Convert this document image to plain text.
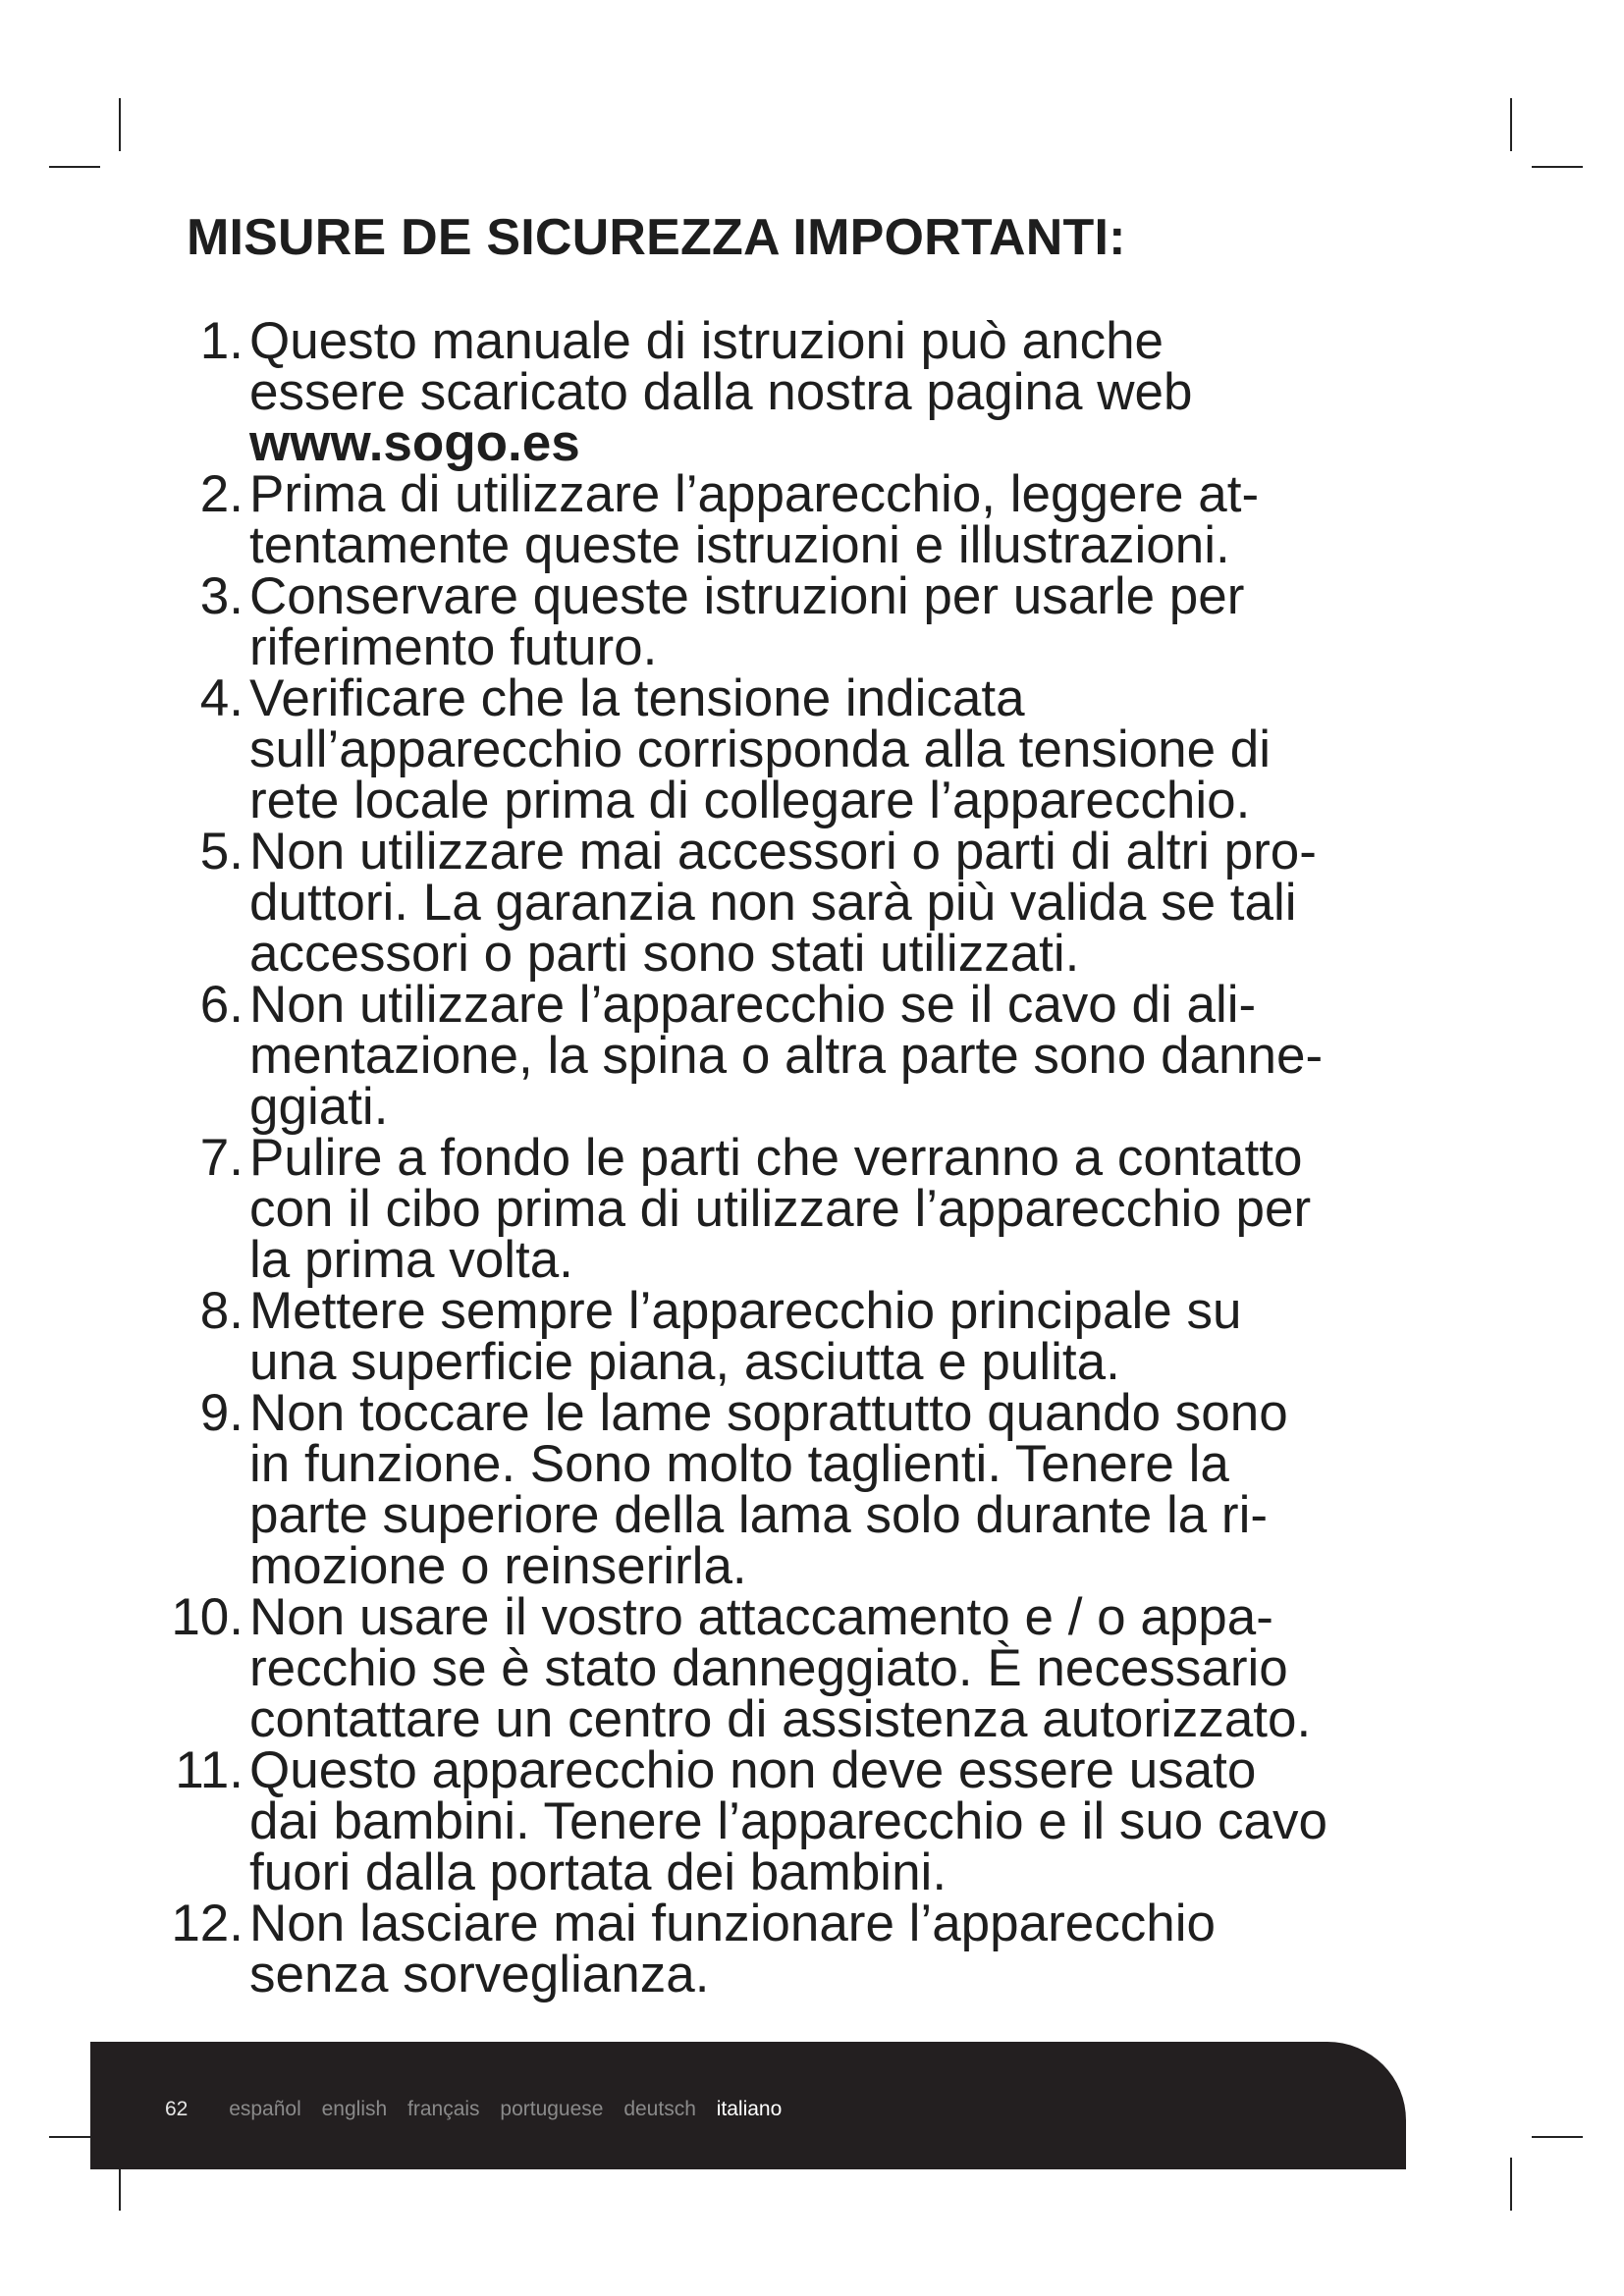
MISURE DE SICUREZZA IMPORTANTI:
1. Questo manuale di istruzioni può anche
essere scaricato dalla nostra pagina web
www.sogo.es
2. Prima di utilizzare l’apparecchio, leggere at-
tentamente queste istruzioni e illustrazioni.
3. Conservare queste istruzioni per usarle per
riferimento futuro.
4. Verificare che la tensione indicata
sull’apparecchio corrisponda alla tensione di
rete locale prima di collegare l’apparecchio.
5. Non utilizzare mai accessori o parti di altri pro-
duttori. La garanzia non sarà più valida se tali
accessori o parti sono stati utilizzati.
6. Non utilizzare l’apparecchio se il cavo di ali-
mentazione, la spina o altra parte sono danne-
ggiati.
7. Pulire a fondo le parti che verranno a contatto
con il cibo prima di utilizzare l’apparecchio per
la prima volta.
8. Mettere sempre l’apparecchio principale su
una superficie piana, asciutta e pulita.
9. Non toccare le lame soprattutto quando sono
in funzione. Sono molto taglienti. Tenere la
parte superiore della lama solo durante la ri-
mozione o reinserirla.
10. Non usare il vostro attaccamento e / o appa-
recchio se è stato danneggiato. È necessario
contattare un centro di assistenza autorizzato.
11. Questo apparecchio non deve essere usato
dai bambini. Tenere l’apparecchio e il suo cavo
fuori dalla portata dei bambini.
12. Non lasciare mai funzionare l’apparecchio
senza sorveglianza.
62 español english français portuguese deutsch italiano
